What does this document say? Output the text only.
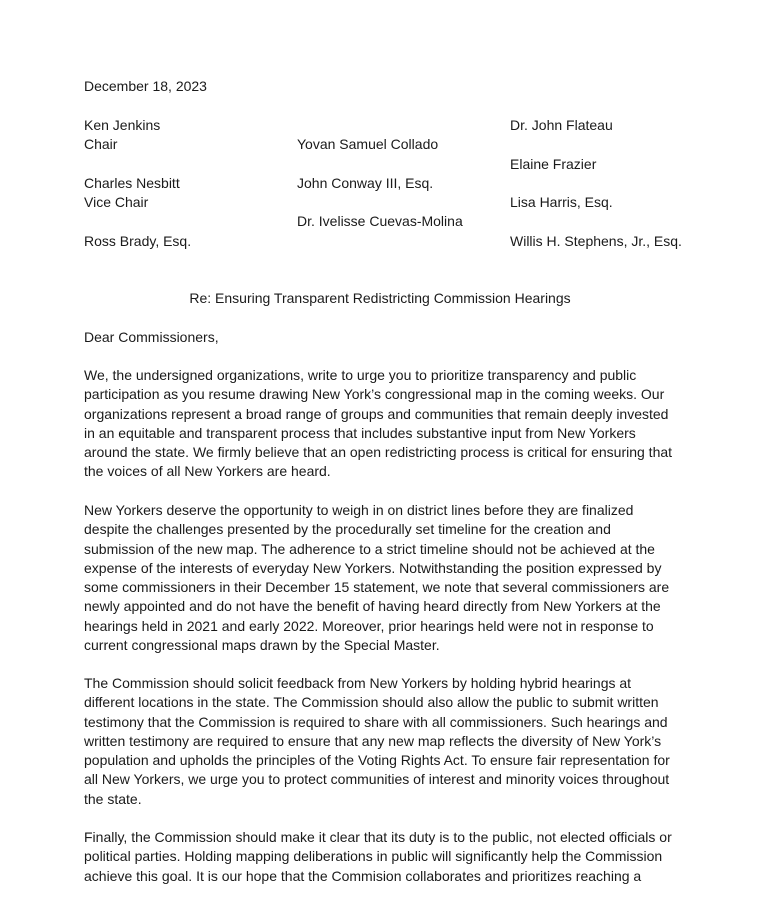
December 18, 2023
Ken Jenkins
Chair
Charles Nesbitt
Vice Chair
Ross Brady, Esq.
Yovan Samuel Collado
John Conway III, Esq.
Dr. Ivelisse Cuevas-Molina
Dr. John Flateau
Elaine Frazier
Lisa Harris, Esq.
Willis H. Stephens, Jr., Esq.
Re: Ensuring Transparent Redistricting Commission Hearings
Dear Commissioners,
We, the undersigned organizations, write to urge you to prioritize transparency and public
participation as you resume drawing New York’s congressional map in the coming weeks. Our
organizations represent a broad range of groups and communities that remain deeply invested
in an equitable and transparent process that includes substantive input from New Yorkers
around the state. We firmly believe that an open redistricting process is critical for ensuring that
the voices of all New Yorkers are heard.
New Yorkers deserve the opportunity to weigh in on district lines before they are finalized
despite the challenges presented by the procedurally set timeline for the creation and
submission of the new map. The adherence to a strict timeline should not be achieved at the
expense of the interests of everyday New Yorkers. Notwithstanding the position expressed by
some commissioners in their December 15 statement, we note that several commissioners are
newly appointed and do not have the benefit of having heard directly from New Yorkers at the
hearings held in 2021 and early 2022. Moreover, prior hearings held were not in response to
current congressional maps drawn by the Special Master.
The Commission should solicit feedback from New Yorkers by holding hybrid hearings at
different locations in the state. The Commission should also allow the public to submit written
testimony that the Commission is required to share with all commissioners. Such hearings and
written testimony are required to ensure that any new map reflects the diversity of New York’s
population and upholds the principles of the Voting Rights Act. To ensure fair representation for
all New Yorkers, we urge you to protect communities of interest and minority voices throughout
the state.
Finally, the Commission should make it clear that its duty is to the public, not elected officials or
political parties. Holding mapping deliberations in public will significantly help the Commission
achieve this goal. It is our hope that the Commision collaborates and prioritizes reaching a
